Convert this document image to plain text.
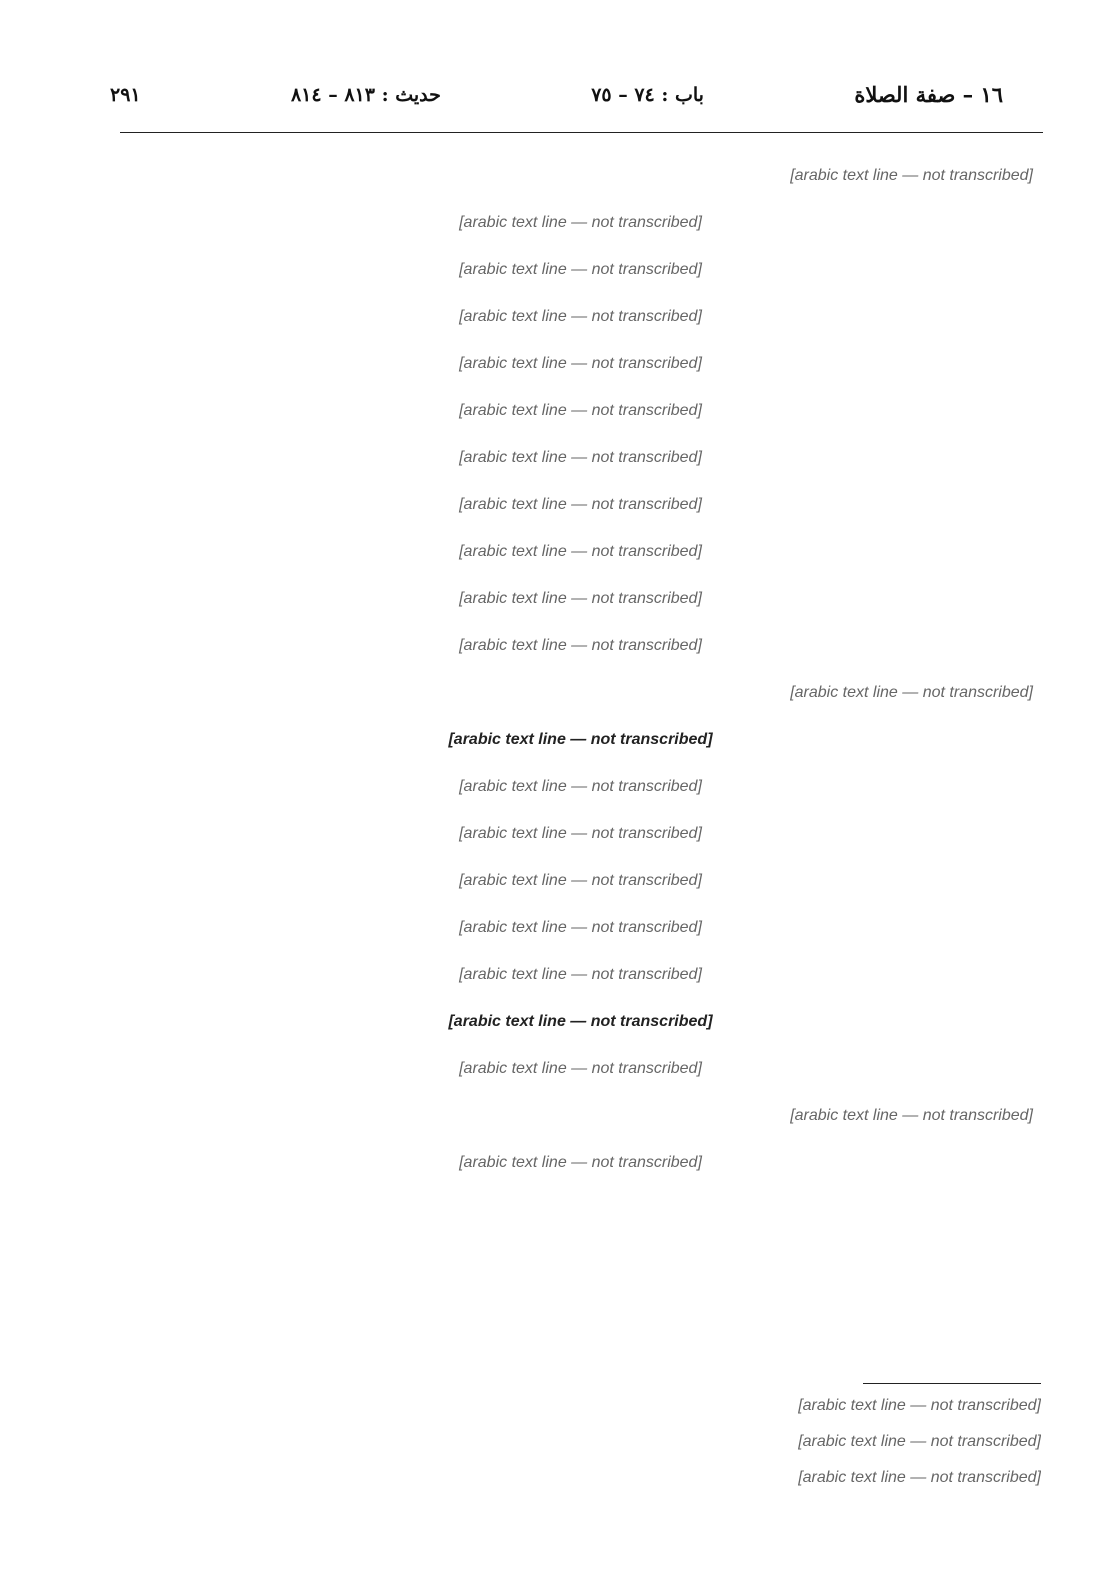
١٦ – صفة الصلاة
باب : ٧٤ – ٧٥
حديث : ٨١٣ – ٨١٤
٢٩١
[arabic text line — not transcribed]
[arabic text line — not transcribed]
[arabic text line — not transcribed]
[arabic text line — not transcribed]
[arabic text line — not transcribed]
[arabic text line — not transcribed]
[arabic text line — not transcribed]
[arabic text line — not transcribed]
[arabic text line — not transcribed]
[arabic text line — not transcribed]
[arabic text line — not transcribed]
[arabic text line — not transcribed]
[arabic text line — not transcribed]
[arabic text line — not transcribed]
[arabic text line — not transcribed]
[arabic text line — not transcribed]
[arabic text line — not transcribed]
[arabic text line — not transcribed]
[arabic text line — not transcribed]
[arabic text line — not transcribed]
[arabic text line — not transcribed]
[arabic text line — not transcribed]
[arabic text line — not transcribed]
[arabic text line — not transcribed]
[arabic text line — not transcribed]
